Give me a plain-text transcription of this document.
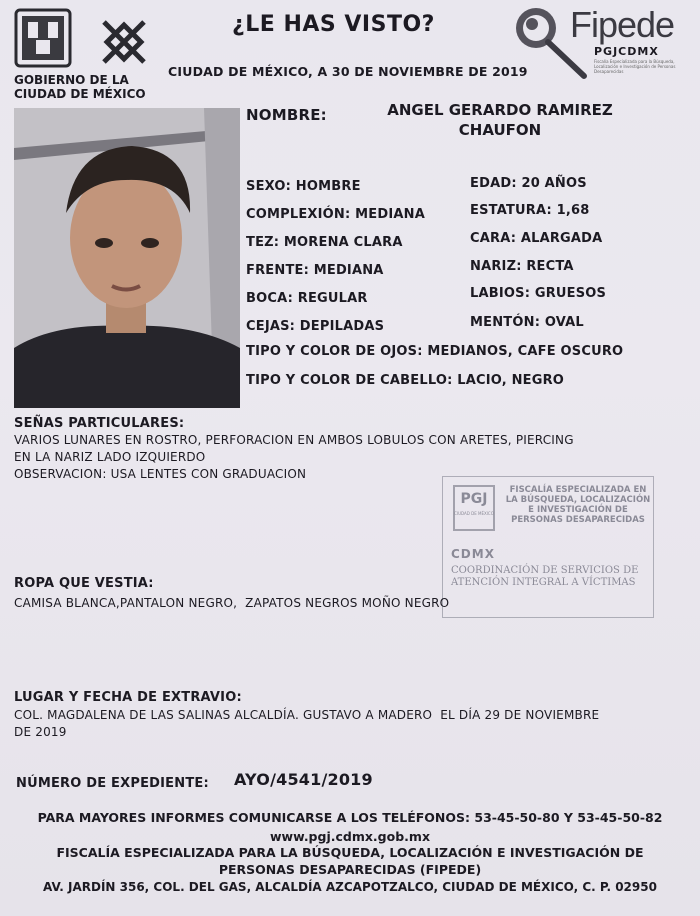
GOBIERNO DE LA
CIUDAD DE MÉXICO
¿LE HAS VISTO?	Fipede
PGJCDMX
Fiscalía Especializada para la Búsqueda, Localización e Investigación de Personas Desaparecidas
CIUDAD DE MÉXICO, A 30 DE NOVIEMBRE DE 2019
NOMBRE:	ANGEL GERARDO RAMIREZ
CHAUFON
SEXO: HOMBRE	EDAD: 20 AÑOS
COMPLEXIÓN: MEDIANA	ESTATURA: 1,68
TEZ: MORENA CLARA	CARA: ALARGADA
FRENTE: MEDIANA	NARIZ: RECTA
BOCA: REGULAR	LABIOS: GRUESOS
CEJAS: DEPILADAS	MENTÓN: OVAL
TIPO Y COLOR DE OJOS: MEDIANOS, CAFE OSCURO
TIPO Y COLOR DE CABELLO: LACIO, NEGRO
SEÑAS PARTICULARES:
VARIOS LUNARES EN ROSTRO, PERFORACION EN AMBOS LOBULOS CON ARETES, PIERCING
EN LA NARIZ LADO IZQUIERDO
OBSERVACION: USA LENTES CON GRADUACION
PGJ
CIUDAD DE MÉXICO
FISCALÍA ESPECIALIZADA EN LA BÚSQUEDA, LOCALIZACIÓN E INVESTIGACIÓN DE PERSONAS DESAPARECIDAS
CDMX
COORDINACIÓN DE SERVICIOS DE ATENCIÓN INTEGRAL A VÍCTIMAS
ROPA QUE VESTIA:
CAMISA BLANCA,PANTALON NEGRO,  ZAPATOS NEGROS MOÑO NEGRO
LUGAR Y FECHA DE EXTRAVIO:
COL. MAGDALENA DE LAS SALINAS ALCALDÍA. GUSTAVO A MADERO  EL DÍA 29 DE NOVIEMBRE
DE 2019
NÚMERO DE EXPEDIENTE: AYO/4541/2019
PARA MAYORES INFORMES COMUNICARSE A LOS TELÉFONOS: 53-45-50-80 Y 53-45-50-82
www.pgj.cdmx.gob.mx
FISCALÍA ESPECIALIZADA PARA LA BÚSQUEDA, LOCALIZACIÓN E INVESTIGACIÓN DE
PERSONAS DESAPARECIDAS (FIPEDE)
AV. JARDÍN 356, COL. DEL GAS, ALCALDÍA AZCAPOTZALCO, CIUDAD DE MÉXICO, C. P. 02950
